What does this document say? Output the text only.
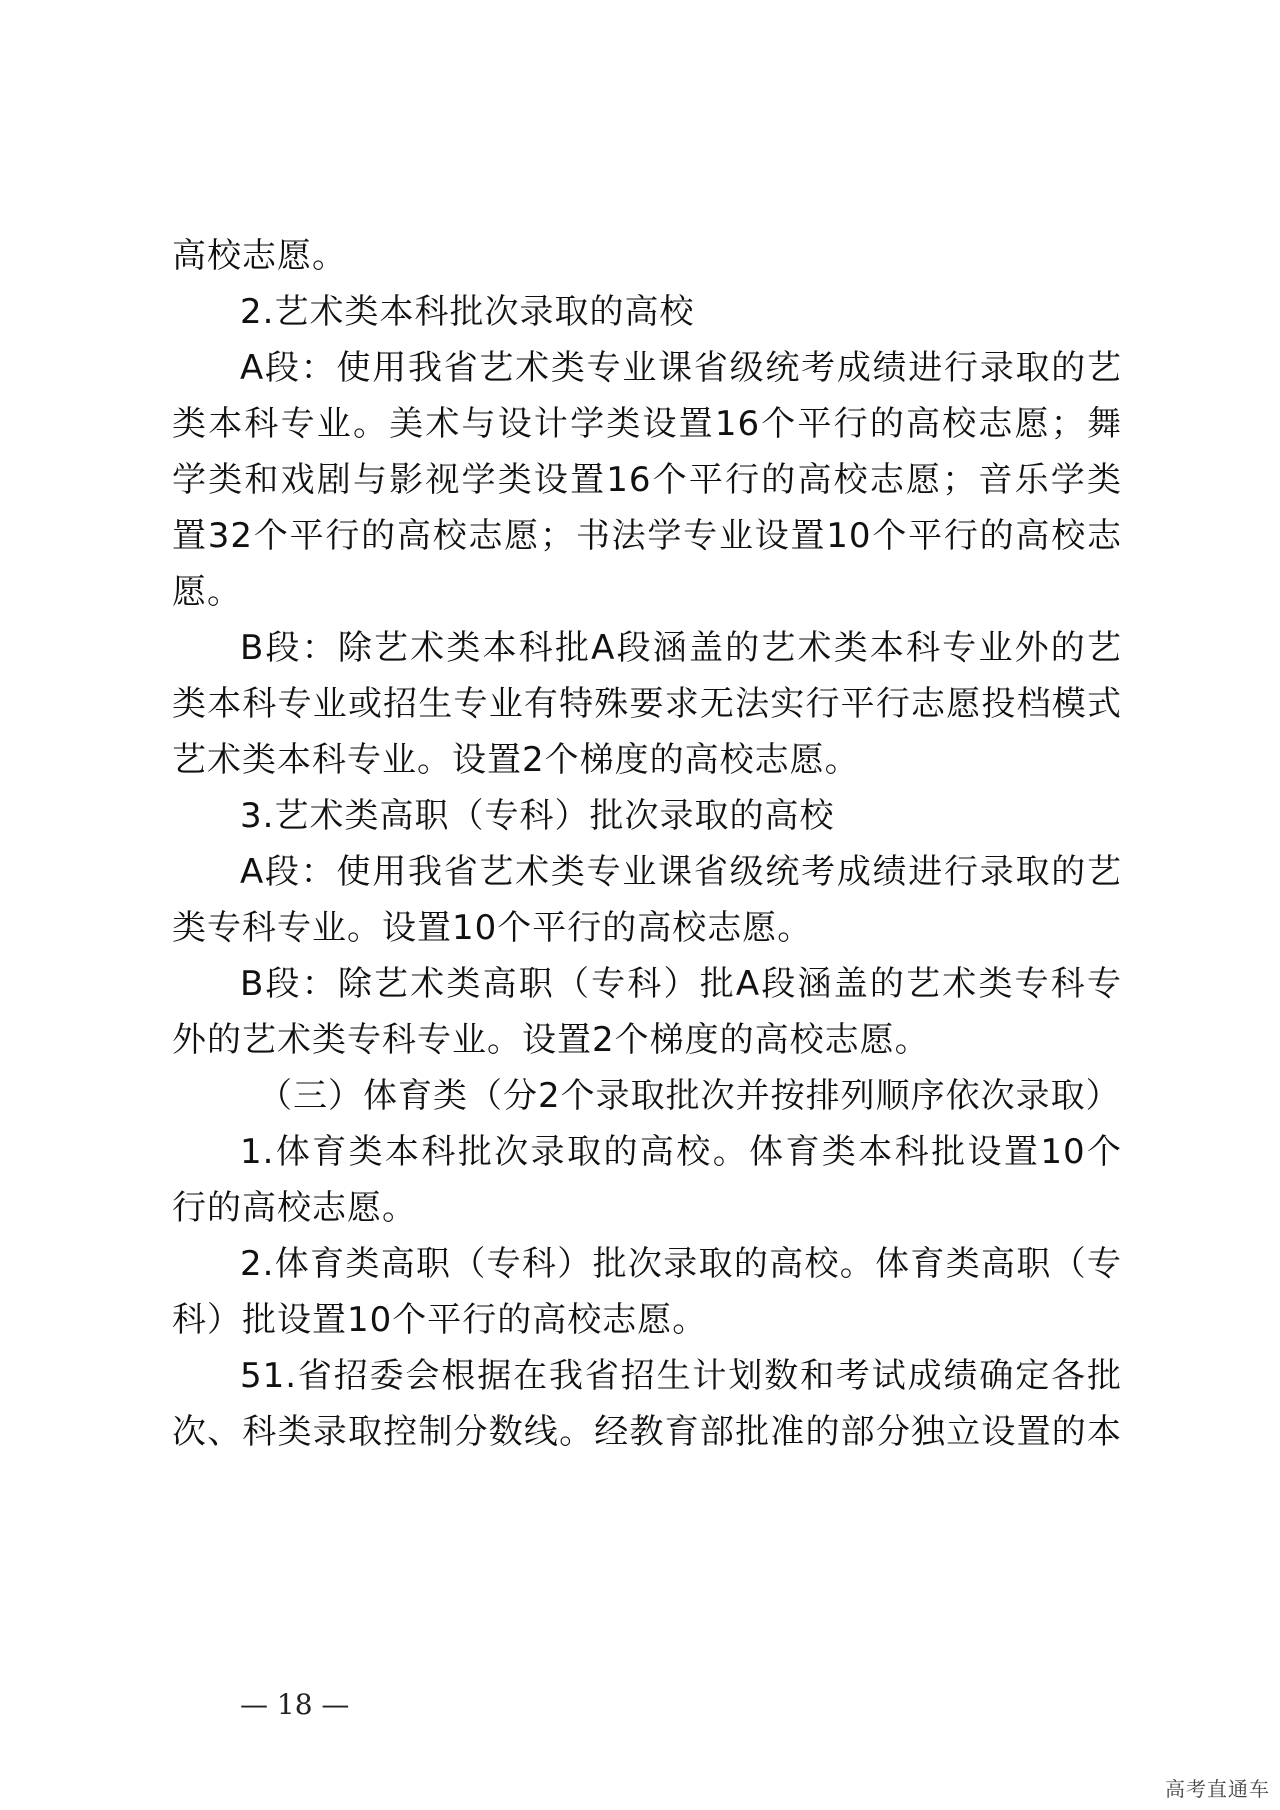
高校志愿。
2.艺术类本科批次录取的高校
A段：使用我省艺术类专业课省级统考成绩进行录取的艺
类本科专业。美术与设计学类设置16个平行的高校志愿；舞
学类和戏剧与影视学类设置16个平行的高校志愿；音乐学类
置32个平行的高校志愿；书法学专业设置10个平行的高校志
愿。
B段：除艺术类本科批A段涵盖的艺术类本科专业外的艺
类本科专业或招生专业有特殊要求无法实行平行志愿投档模式
艺术类本科专业。设置2个梯度的高校志愿。
3.艺术类高职（专科）批次录取的高校
A段：使用我省艺术类专业课省级统考成绩进行录取的艺
类专科专业。设置10个平行的高校志愿。
B段：除艺术类高职（专科）批A段涵盖的艺术类专科专
外的艺术类专科专业。设置2个梯度的高校志愿。
（三）体育类（分2个录取批次并按排列顺序依次录取）
1.体育类本科批次录取的高校。体育类本科批设置10个
行的高校志愿。
2.体育类高职（专科）批次录取的高校。体育类高职（专
科）批设置10个平行的高校志愿。
51.省招委会根据在我省招生计划数和考试成绩确定各批
次、科类录取控制分数线。经教育部批准的部分独立设置的本
— 18 —
高考直通车
